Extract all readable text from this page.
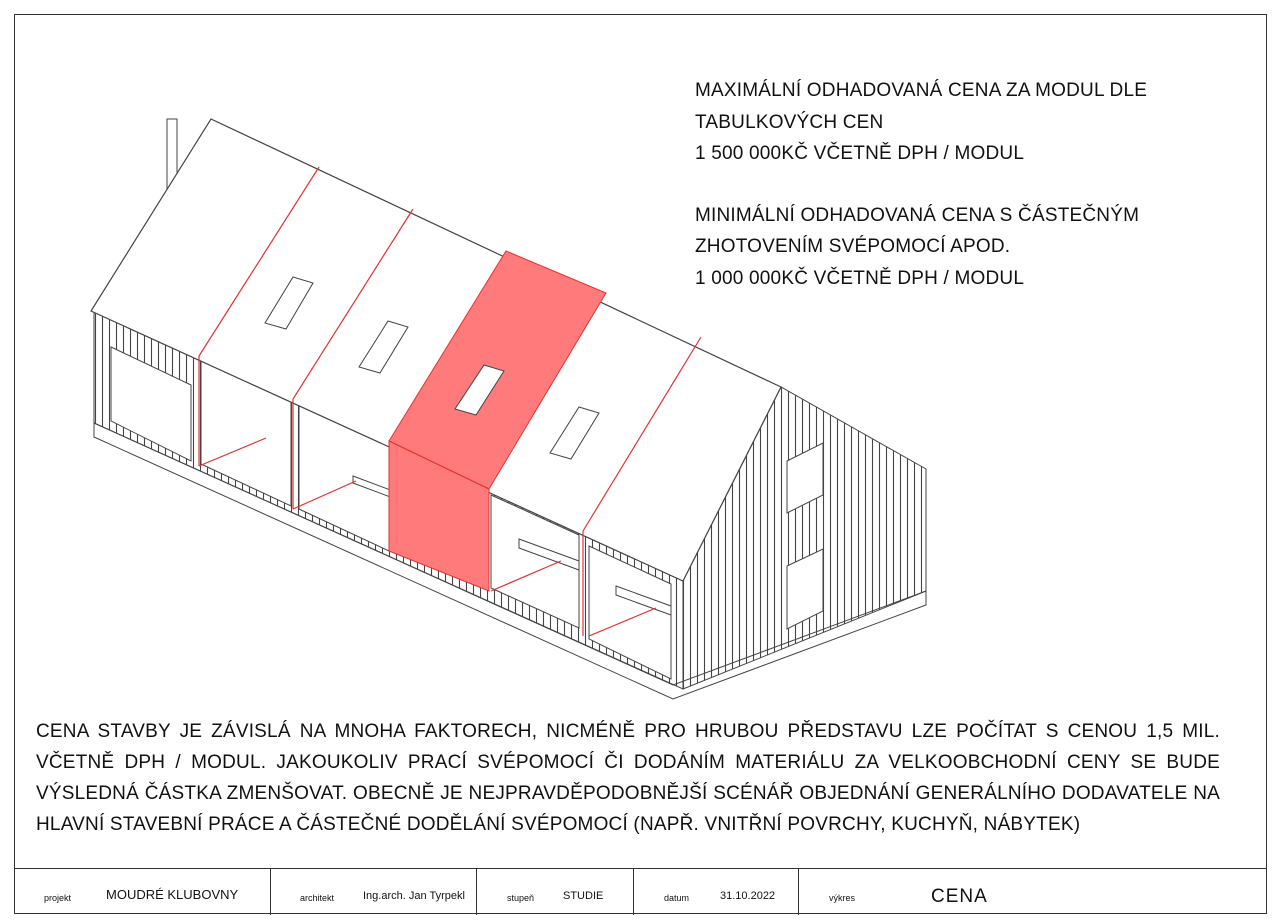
MAXIMÁLNÍ ODHADOVANÁ CENA ZA MODUL DLE

TABULKOVÝCH CEN

1 500 000KČ VČETNĚ DPH / MODUL

MINIMÁLNÍ ODHADOVANÁ CENA S ČÁSTEČNÝM

ZHOTOVENÍM SVÉPOMOCÍ APOD.

1 000 000KČ VČETNĚ DPH / MODUL

CENA STAVBY JE ZÁVISLÁ NA MNOHA FAKTORECH, NICMÉNĚ PRO HRUBOU PŘEDSTAVU LZE POČÍTAT S CENOU 1,5 MIL. VČETNĚ DPH / MODUL. JAKOUKOLIV PRACÍ SVÉPOMOCÍ ČI DODÁNÍM MATERIÁLU ZA VELKOOBCHODNÍ CENY SE BUDE VÝSLEDNÁ ČÁSTKA ZMENŠOVAT. OBECNĚ JE NEJPRAVDĚPODOBNĚJŠÍ SCÉNÁŘ OBJEDNÁNÍ GENERÁLNÍHO DODAVATELE NA HLAVNÍ STAVEBNÍ PRÁCE A ČÁSTEČNÉ DODĚLÁNÍ SVÉPOMOCÍ (NAPŘ. VNITŘNÍ POVRCHY, KUCHYŇ, NÁBYTEK)
projekt	MOUDRÉ KLUBOVNY	architekt	Ing.arch. Jan Tyrpekl	stupeň	STUDIE	datum	31.10.2022	výkres	CENA
